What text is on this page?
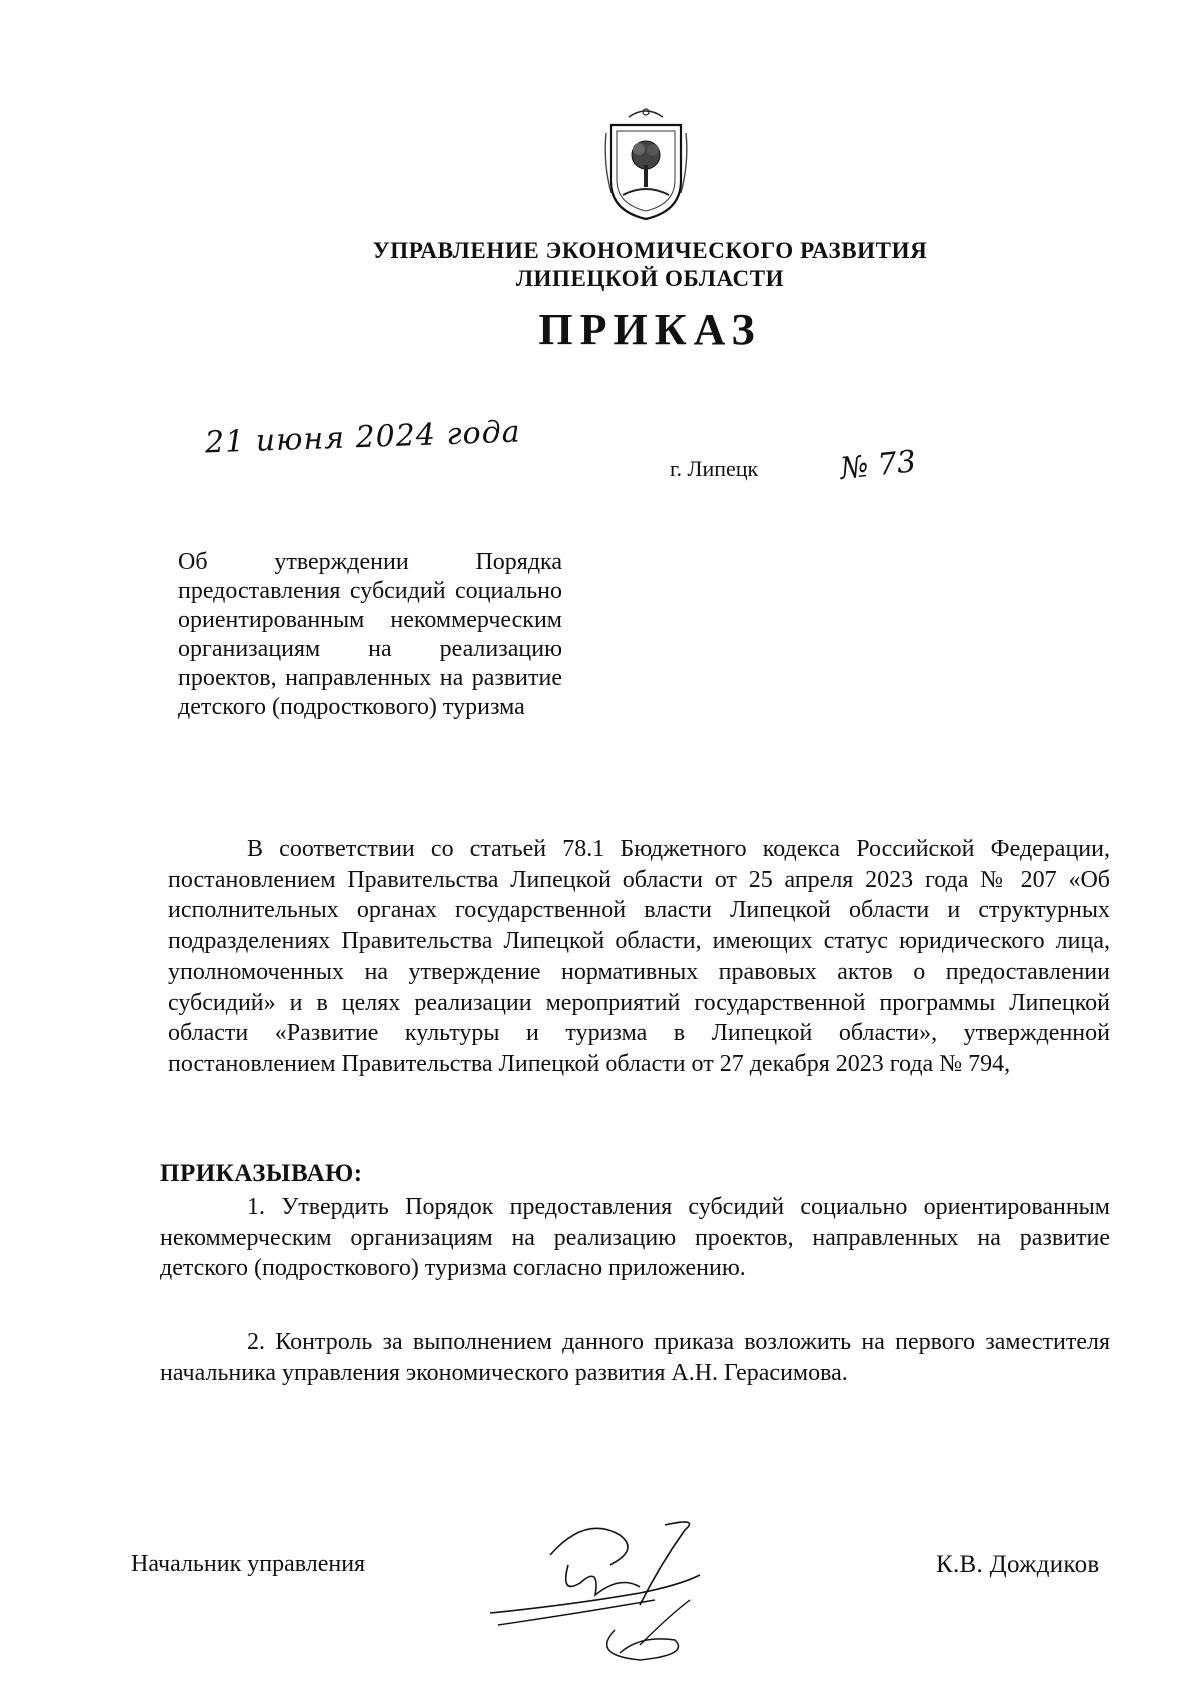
УПРАВЛЕНИЕ ЭКОНОМИЧЕСКОГО РАЗВИТИЯ
ЛИПЕЦКОЙ ОБЛАСТИ
ПРИКАЗ
21 июня 2024 года
г. Липецк	№ 73
Об утверждении Порядка предоставления субсидий социально ориентированным некоммерческим организациям на реализацию проектов, направленных на развитие детского (подросткового) туризма
В соответствии со статьей 78.1 Бюджетного кодекса Российской Федерации, постановлением Правительства Липецкой области от 25 апреля 2023 года № 207 «Об исполнительных органах государственной власти Липецкой области и структурных подразделениях Правительства Липецкой области, имеющих статус юридического лица, уполномоченных на утверждение нормативных правовых актов о предоставлении субсидий» и в целях реализации мероприятий государственной программы Липецкой области «Развитие культуры и туризма в Липецкой области», утвержденной постановлением Правительства Липецкой области от 27 декабря 2023 года № 794,
ПРИКАЗЫВАЮ:
1. Утвердить Порядок предоставления субсидий социально ориентированным некоммерческим организациям на реализацию проектов, направленных на развитие детского (подросткового) туризма согласно приложению.
2. Контроль за выполнением данного приказа возложить на первого заместителя начальника управления экономического развития А.Н. Герасимова.
Начальник управления	К.В. Дождиков
